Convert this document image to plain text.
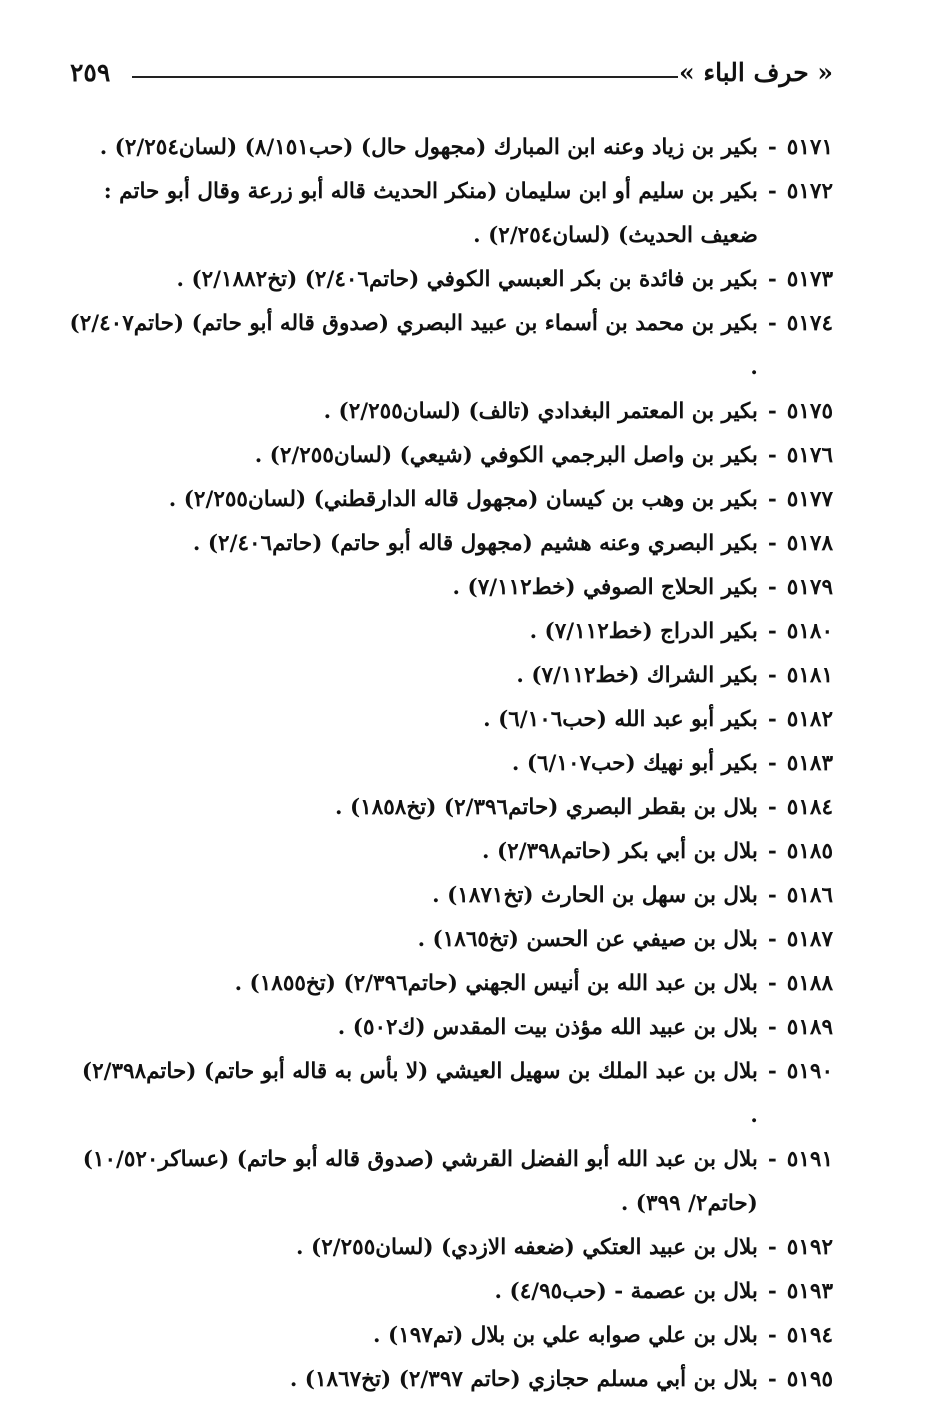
« حرف الباء »
٢٥٩
٥١٧١
-
بكير بن زياد وعنه ابن المبارك (مجهول حال) (حب٨/١٥١) (لسان٢/٢٥٤) .
٥١٧٢
-
بكير بن سليم أو ابن سليمان (منكر الحديث قاله أبو زرعة وقال أبو حاتم : ضعيف الحديث) (لسان٢/٢٥٤) .
٥١٧٣
-
بكير بن فائدة بن بكر العبسي الكوفي (حاتم٢/٤٠٦) (تخ٢/١٨٨٢) .
٥١٧٤
-
بكير بن محمد بن أسماء بن عبيد البصري (صدوق قاله أبو حاتم) (حاتم٢/٤٠٧) .
٥١٧٥
-
بكير بن المعتمر البغدادي (تالف) (لسان٢/٢٥٥) .
٥١٧٦
-
بكير بن واصل البرجمي الكوفي (شيعي) (لسان٢/٢٥٥) .
٥١٧٧
-
بكير بن وهب بن كيسان (مجهول قاله الدارقطني) (لسان٢/٢٥٥) .
٥١٧٨
-
بكير البصري وعنه هشيم (مجهول قاله أبو حاتم) (حاتم٢/٤٠٦) .
٥١٧٩
-
بكير الحلاج الصوفي (خط٧/١١٢) .
٥١٨٠
-
بكير الدراج (خط٧/١١٢) .
٥١٨١
-
بكير الشراك (خط٧/١١٢) .
٥١٨٢
-
بكير أبو عبد الله (حب٦/١٠٦) .
٥١٨٣
-
بكير أبو نهيك (حب٦/١٠٧) .
٥١٨٤
-
بلال بن بقطر البصري (حاتم٢/٣٩٦) (تخ١٨٥٨) .
٥١٨٥
-
بلال بن أبي بكر (حاتم٢/٣٩٨) .
٥١٨٦
-
بلال بن سهل بن الحارث (تخ١٨٧١) .
٥١٨٧
-
بلال بن صيفي عن الحسن (تخ١٨٦٥) .
٥١٨٨
-
بلال بن عبد الله بن أنيس الجهني (حاتم٢/٣٩٦) (تخ١٨٥٥) .
٥١٨٩
-
بلال بن عبيد الله مؤذن بيت المقدس (ك٥٠٢) .
٥١٩٠
-
بلال بن عبد الملك بن سهيل العيشي (لا بأس به قاله أبو حاتم) (حاتم٢/٣٩٨) .
٥١٩١
-
بلال بن عبد الله أبو الفضل القرشي (صدوق قاله أبو حاتم) (عساكر١٠/٥٢٠) (حاتم٢/ ٣٩٩) .
٥١٩٢
-
بلال بن عبيد العتكي (ضعفه الازدي) (لسان٢/٢٥٥) .
٥١٩٣
-
بلال بن عصمة - (حب٤/٩٥) .
٥١٩٤
-
بلال بن علي صوابه علي بن بلال (تم١٩٧) .
٥١٩٥
-
بلال بن أبي مسلم حجازي (حاتم ٢/٣٩٧) (تخ١٨٦٧) .
